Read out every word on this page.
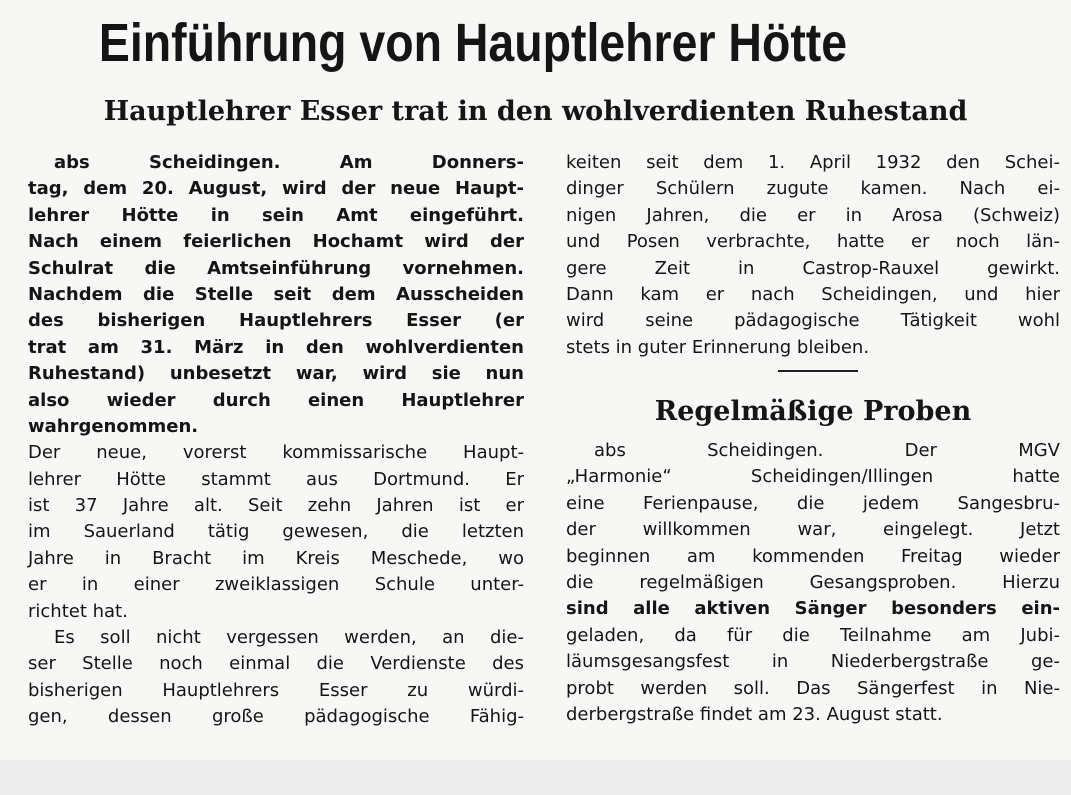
Einführung von Hauptlehrer Hötte
Hauptlehrer Esser trat in den wohlverdienten Ruhestand
abs Scheidingen. Am Donners-
tag, dem 20. August, wird der neue Haupt-
lehrer Hötte in sein Amt eingeführt.
Nach einem feierlichen Hochamt wird der
Schulrat die Amtseinführung vornehmen.
Nachdem die Stelle seit dem Ausscheiden
des bisherigen Hauptlehrers Esser (er
trat am 31. März in den wohlverdienten
Ruhestand) unbesetzt war, wird sie nun
also wieder durch einen Hauptlehrer
wahrgenommen.
Der neue, vorerst kommissarische Haupt-
lehrer Hötte stammt aus Dortmund. Er
ist 37 Jahre alt. Seit zehn Jahren ist er
im Sauerland tätig gewesen, die letzten
Jahre in Bracht im Kreis Meschede, wo
er in einer zweiklassigen Schule unter-
richtet hat.
Es soll nicht vergessen werden, an die-
ser Stelle noch einmal die Verdienste des
bisherigen Hauptlehrers Esser zu würdi-
gen, dessen große pädagogische Fähig-
keiten seit dem 1. April 1932 den Schei-
dinger Schülern zugute kamen. Nach ei-
nigen Jahren, die er in Arosa (Schweiz)
und Posen verbrachte, hatte er noch län-
gere Zeit in Castrop-Rauxel gewirkt.
Dann kam er nach Scheidingen, und hier
wird seine pädagogische Tätigkeit wohl
stets in guter Erinnerung bleiben.
Regelmäßige Proben
abs Scheidingen. Der MGV
„Harmonie“ Scheidingen/Illingen hatte
eine Ferienpause, die jedem Sangesbru-
der willkommen war, eingelegt. Jetzt
beginnen am kommenden Freitag wieder
die regelmäßigen Gesangsproben. Hierzu
sind alle aktiven Sänger besonders ein-
geladen, da für die Teilnahme am Jubi-
läumsgesangsfest in Niederbergstraße ge-
probt werden soll. Das Sängerfest in Nie-
derbergstraße findet am 23. August statt.
